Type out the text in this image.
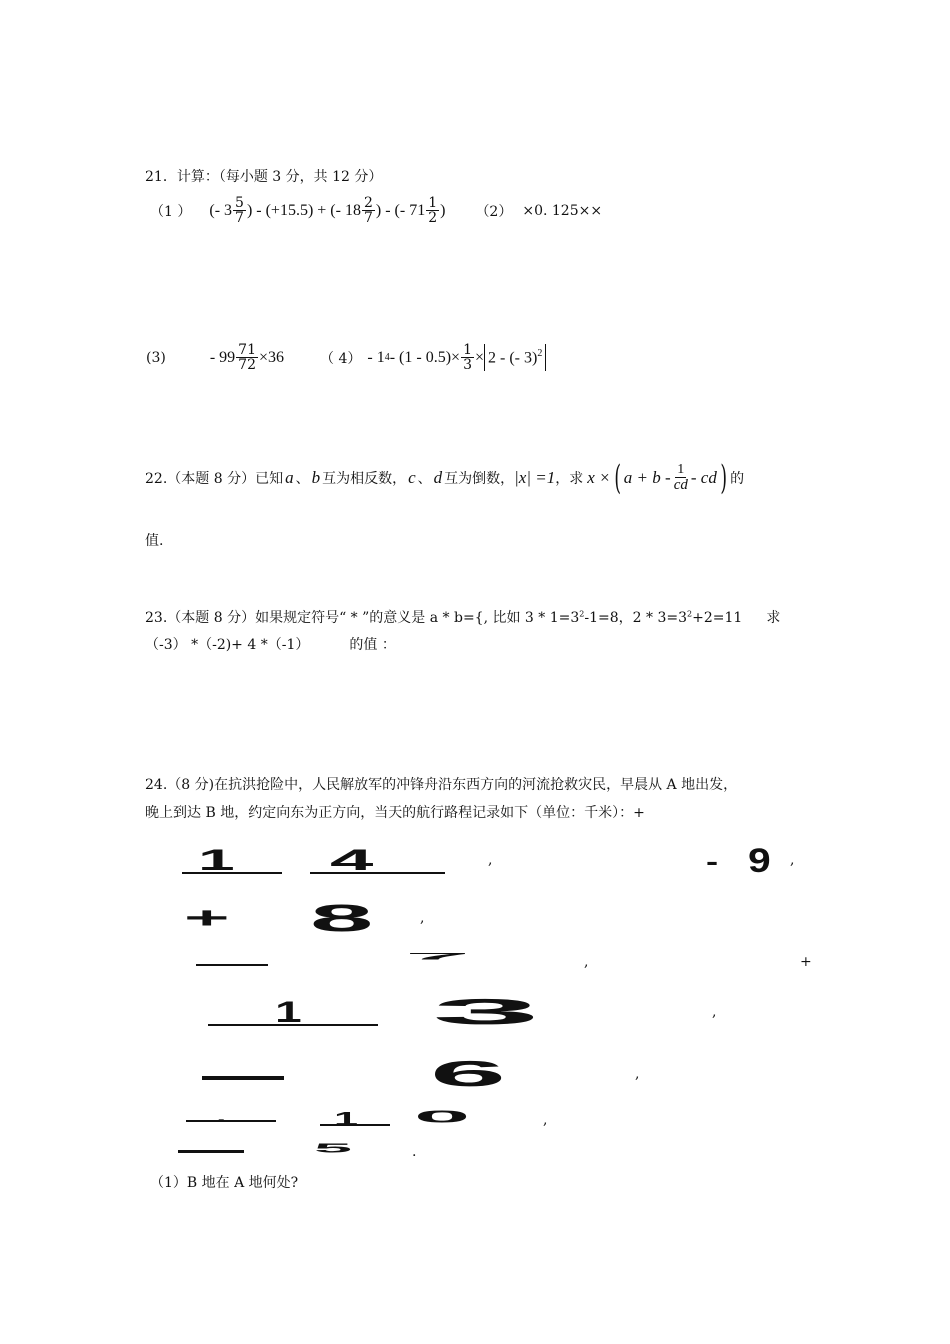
21．计算：（每小题 3 分，共 12 分）
（1 ） (- $3 \frac{5}{7}$ ) - (+15.5) + (- $18 \frac{2}{7}$ ) - (- $71 \frac{1}{2}$ ) （2） ×0. 125××
(3)	- $99 \frac{71}{72} \times 36$	（ 4） - 1 $4 - (1 - 0.5)\times \frac{1}{3} \times 2$ - (- 3)$^2$
22.（本题 8 分）已知 a 、 b 互为相反数， c 、 d 互为倒数， |x| =1 ，求 x × ( $a + b - \frac{1}{cd}$ - cd ) 的
值.
23.（本题 8 分）如果规定符号“ * ”的意义是 a * b={, 比如 $3 * 1=3^2-1=8$，$2 * 3=3^2+2=11$ 求
（-3） *（-2)+ 4 *（-1）	的值 ：
24.（8 分)在抗洪抢险中，人民解放军的冲锋舟沿东西方向的河流抢救灾民，早晨从 A 地出发，
晚上到达 B 地，约定向东为正方向，当天的航行路程记录如下（单位：千米）：+
1	4	,	- 9 ,
+ 8	,
7	,	+
1	3	,
6	,
-	1	0	,
5	.
（1）B 地在 A 地何处?
